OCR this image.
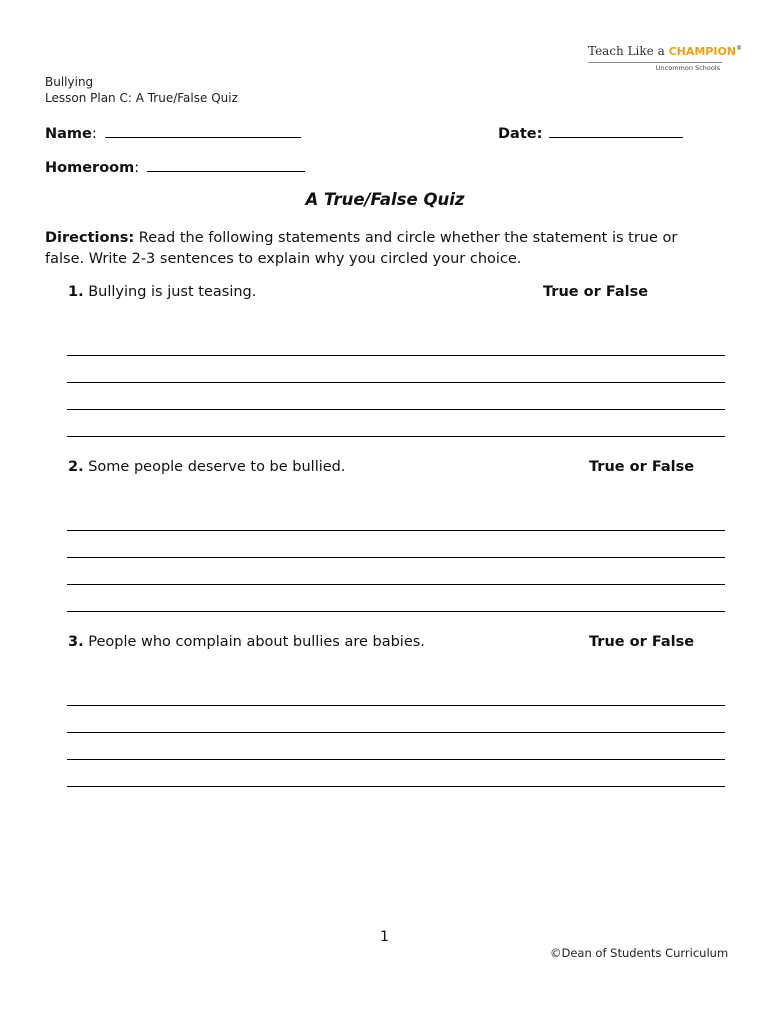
Teach Like a CHAMPION®
Uncommon Schools
Bullying
Lesson Plan C: A True/False Quiz
Name:	Date:
Homeroom:
A True/False Quiz
Directions: Read the following statements and circle whether the statement is true or false. Write 2-3 sentences to explain why you circled your choice.
1. Bullying is just teasing.	True or False
2. Some people deserve to be bullied.	True or False
3. People who complain about bullies are babies.	True or False
1
©Dean of Students Curriculum
